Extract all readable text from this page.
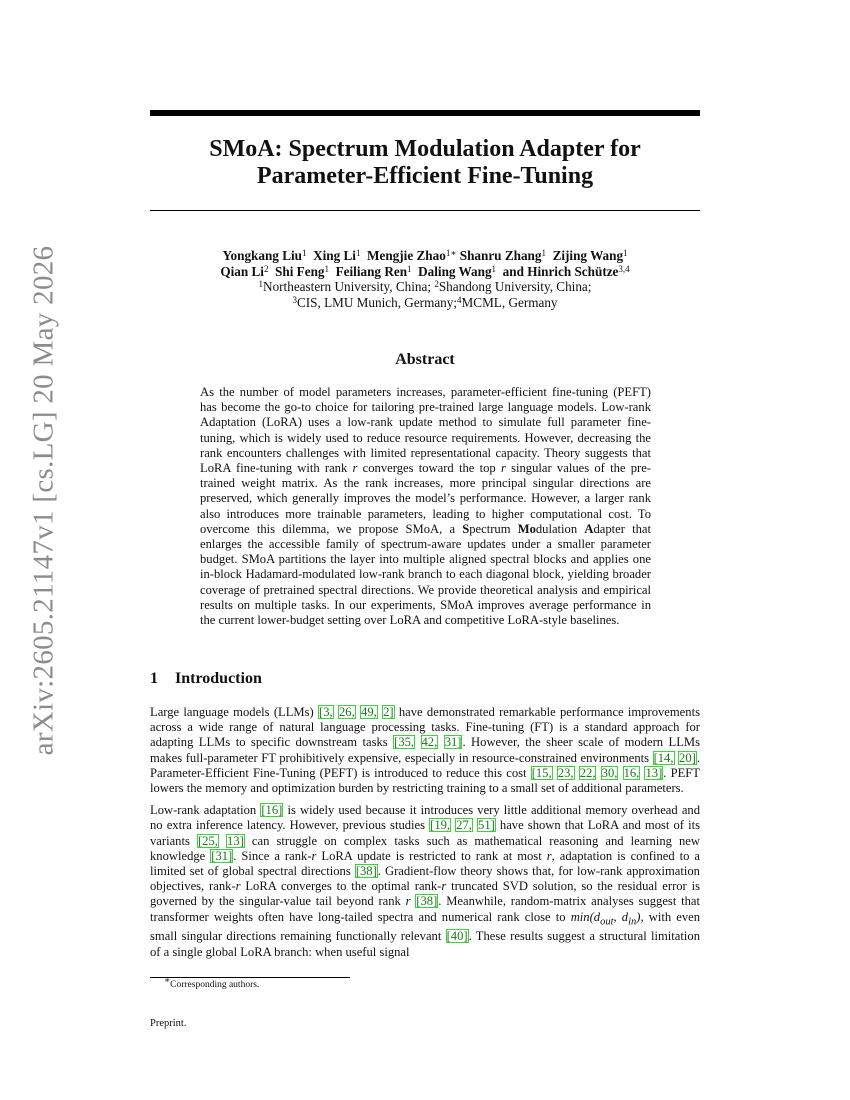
arXiv:2605.21147v1 [cs.LG] 20 May 2026
SMoA: Spectrum Modulation Adapter for
Parameter-Efficient Fine-Tuning
Yongkang Liu$^1$ Xing Li$^1$ Mengjie Zhao$^{1∗}$ Shanru Zhang$^1$ Zijing Wang$^1$
Qian Li$^2$ Shi Feng$^1$ Feiliang Ren$^1$ Daling Wang$^1$ and Hinrich Schütze$^{3,4}$
$^1$Northeastern University, China; $^2$Shandong University, China;
$^3$CIS, LMU Munich, Germany;$^4$MCML, Germany
Abstract
As the number of model parameters increases, parameter-efficient fine-tuning (PEFT) has become the go-to choice for tailoring pre-trained large language models. Low-rank Adaptation (LoRA) uses a low-rank update method to simulate full parameter fine-tuning, which is widely used to reduce resource requirements. However, decreasing the rank encounters challenges with limited representational capacity. Theory suggests that LoRA fine-tuning with rank r converges toward the top r singular values of the pre-trained weight matrix. As the rank increases, more principal singular directions are preserved, which generally improves the model’s performance. However, a larger rank also introduces more trainable parameters, leading to higher computational cost. To overcome this dilemma, we propose SMoA, a Spectrum Modulation Adapter that enlarges the accessible family of spectrum-aware updates under a smaller parameter budget. SMoA partitions the layer into multiple aligned spectral blocks and applies one in-block Hadamard-modulated low-rank branch to each diagonal block, yielding broader coverage of pretrained spectral directions. We provide theoretical analysis and empirical results on multiple tasks. In our experiments, SMoA improves average performance in the current lower-budget setting over LoRA and competitive LoRA-style baselines.
1 Introduction

Large language models (LLMs) [3, 26, 49, 2] have demonstrated remarkable performance improvements across a wide range of natural language processing tasks. Fine-tuning (FT) is a standard approach for adapting LLMs to specific downstream tasks [35, 42, 31]. However, the sheer scale of modern LLMs makes full-parameter FT prohibitively expensive, especially in resource-constrained environments [14, 20]. Parameter-Efficient Fine-Tuning (PEFT) is introduced to reduce this cost [15, 23, 22, 30, 16, 13]. PEFT lowers the memory and optimization burden by restricting training to a small set of additional parameters.

Low-rank adaptation [16] is widely used because it introduces very little additional memory overhead and no extra inference latency. However, previous studies [19, 27, 51] have shown that LoRA and most of its variants [25, 13] can struggle on complex tasks such as mathematical reasoning and learning new knowledge [31]. Since a rank-r LoRA update is restricted to rank at most r, adaptation is confined to a limited set of global spectral directions [38]. Gradient-flow theory shows that, for low-rank approximation objectives, rank-r LoRA converges to the optimal rank-r truncated SVD solution, so the residual error is governed by the singular-value tail beyond rank r [38]. Meanwhile, random-matrix analyses suggest that transformer weights often have long-tailed spectra and numerical rank close to $\min(d_{out}$, $d_{in}$), with even small singular directions remaining functionally relevant [40]. These results suggest a structural limitation of a single global LoRA branch: when useful signal

∗Corresponding authors.
Preprint.
